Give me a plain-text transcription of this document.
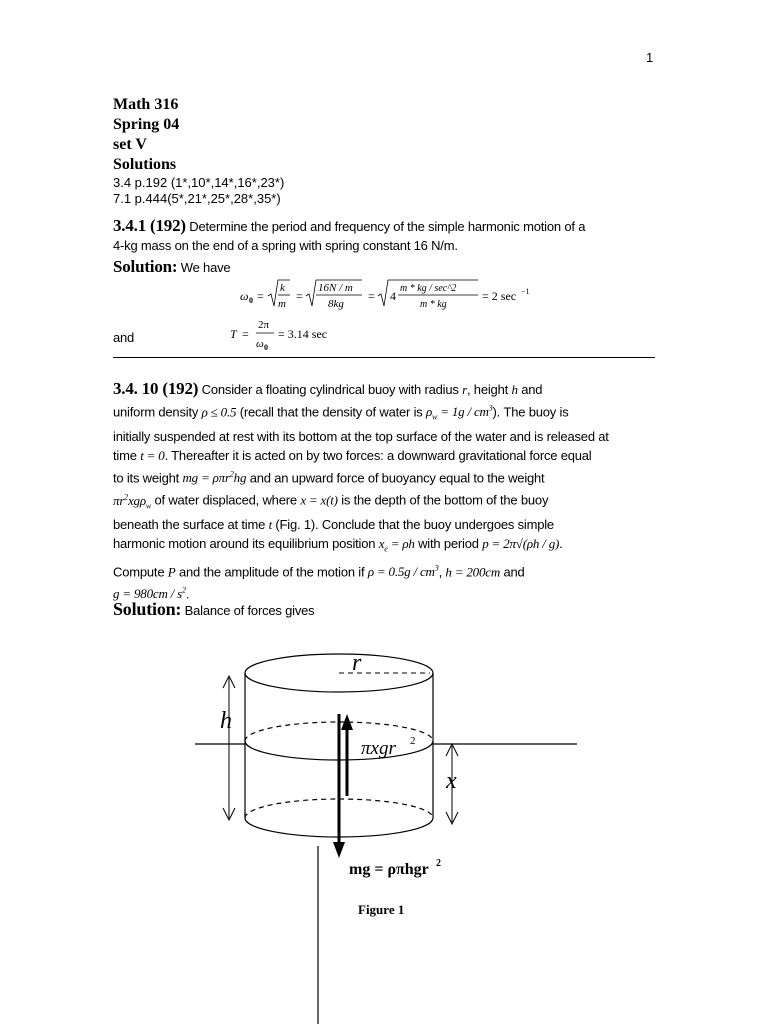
1
Math 316
Spring 04
set V
Solutions
3.4 p.192 (1*,10*,14*,16*,23*)
7.1 p.444(5*,21*,25*,28*,35*)
3.4.1 (192) Determine the period and frequency of the simple harmonic motion of a
4-kg mass on the end of a spring with spring constant 16 N/m.
Solution: We have
ω 0 =
k
m
=
16N / m
8kg
= 4
m * kg / sec^2
m * kg
= 2 sec −1
and	T =
2π
ω 0
= 3.14 sec
3.4. 10 (192) Consider a floating cylindrical buoy with radius r, height h and
uniform density ρ ≤ 0.5 (recall that the density of water is $\rho_w = 1g / cm^3$). The buoy is
initially suspended at rest with its bottom at the top surface of the water and is released at
time t = 0. Thereafter it is acted on by two forces: a downward gravitational force equal
to its weight mg = ρπr$^2$hg and an upward force of buoyancy equal to the weight
$\pi r^2xg\rho_w$ of water displaced, where x = x(t) is the depth of the bottom of the buoy
beneath the surface at time t (Fig. 1). Conclude that the buoy undergoes simple
harmonic motion around its equilibrium position $x_e = \rho h$ with period p = 2π√(ρh / g).
Compute P and the amplitude of the motion if $\rho = 0.5g / cm^3$, h = 200cm and
$g = 980cm / s^2$.
Solution: Balance of forces gives
r
h
x
πxgr 2
mg = ρπhgr 2
Figure 1
